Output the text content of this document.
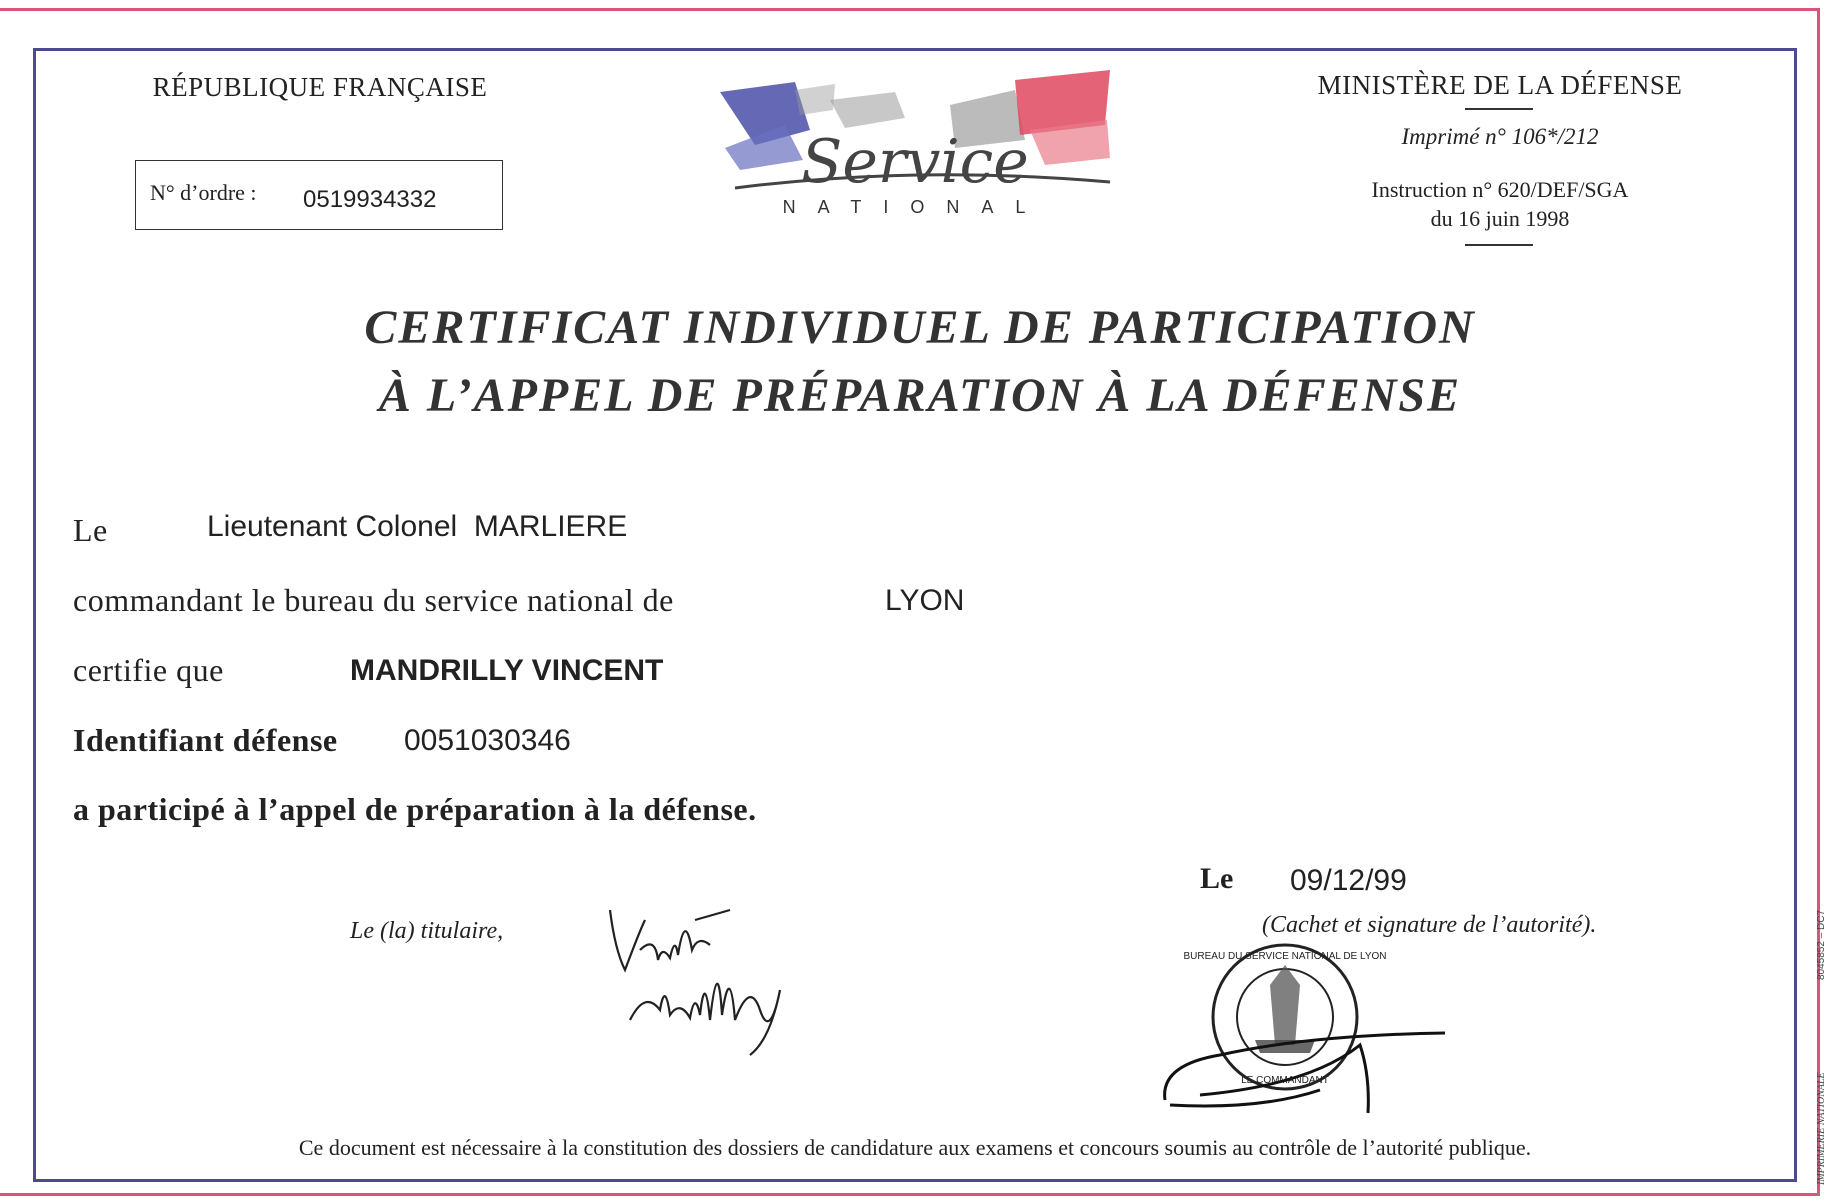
RÉPUBLIQUE FRANÇAISE
N° d’ordre : 0519934332
Service
NATIONAL
MINISTÈRE DE LA DÉFENSE
Imprimé n° 106*/212
Instruction n° 620/DEF/SGA
du 16 juin 1998
CERTIFICAT INDIVIDUEL DE PARTICIPATION
À L’APPEL DE PRÉPARATION À LA DÉFENSE
Le	Lieutenant Colonel  MARLIERE
commandant le bureau du service national de	LYON
certifie que	MANDRILLY VINCENT
Identifiant défense 0051030346
a participé à l’appel de préparation à la défense.
Le 09/12/99
(Cachet et signature de l’autorité).
Le (la) titulaire,
BUREAU DU SERVICE NATIONAL DE LYON
LE COMMANDANT
Ce document est nécessaire à la constitution des dossiers de candidature aux examens et concours soumis au contrôle de l’autorité publique.
8045852 – DC7
IMPRIMERIE NATIONALE
